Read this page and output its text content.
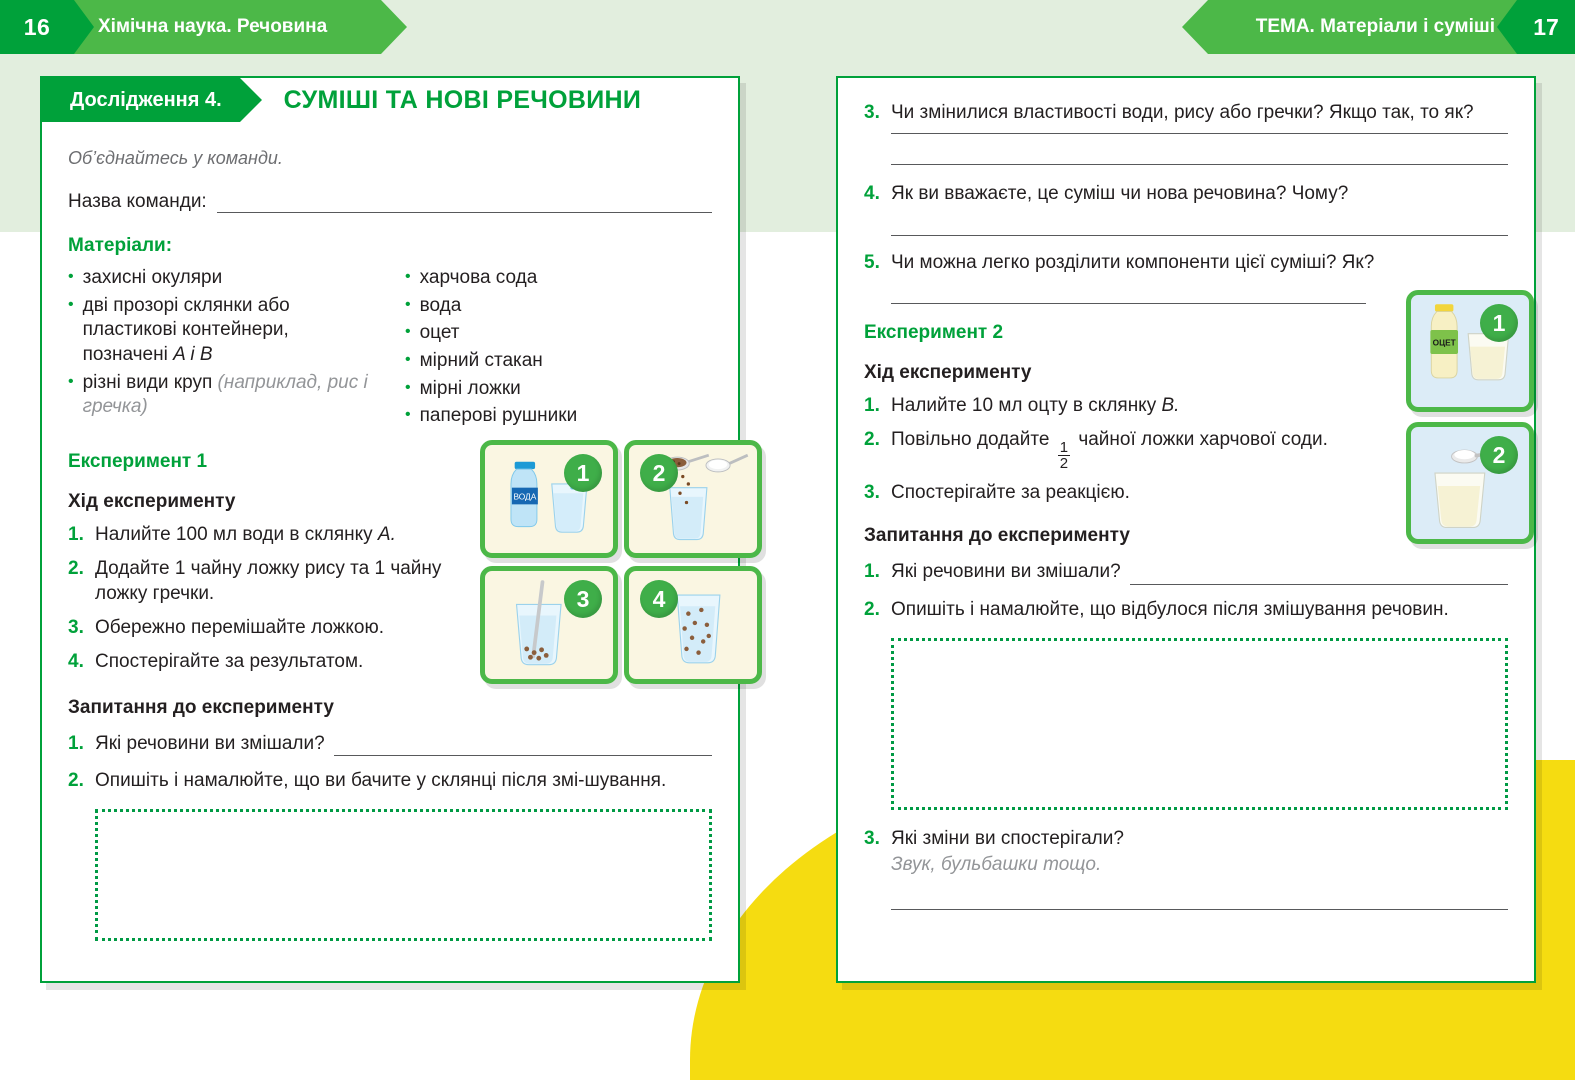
16	Хімічна наука. Речовина	ТЕМА. Матеріали і суміші	17
Дослідження 4.	СУМІШІ ТА НОВІ РЕЧОВИНИ
Об’єднайтесь у команди.
Назва команди:
Матеріали:
• захисні окуляри
• дві прозорі склянки або пластикові контейнери, позначені A і B
• різні види круп (наприклад, рис і гречка)
• харчова сода
• вода
• оцет
• мірний стакан
• мірні ложки
• паперові рушники
Експеримент 1
Хід експерименту
1. Налийте 100 мл води в склянку A.
2. Додайте 1 чайну ложку рису та 1 чайну ложку гречки.
3. Обережно перемішайте ложкою.
4. Спостерігайте за результатом.
Запитання до експерименту
1. Які речовини ви змішали?
2. Опишіть і намалюйте, що ви бачите у склянці після змі-шування.
ВОДА
1	2
3	4
3. Чи змінилися властивості води, рису або гречки? Якщо так, то як?
4. Як ви вважаєте, це суміш чи нова речовина? Чому?
5. Чи можна легко розділити компоненти цієї суміші? Як?
Експеримент 2
Хід експерименту
1. Налийте 10 мл оцту в склянку B.
2. Повільно додайте $\frac{1}{2}$ чайної ложки харчової соди.
3. Спостерігайте за реакцією.
Запитання до експерименту
1. Які речовини ви змішали?
2. Опишіть і намалюйте, що відбулося після змішування речовин.
3. Які зміни ви спостерігали?
Звук, бульбашки тощо.
ОЦЕТ
1
2
